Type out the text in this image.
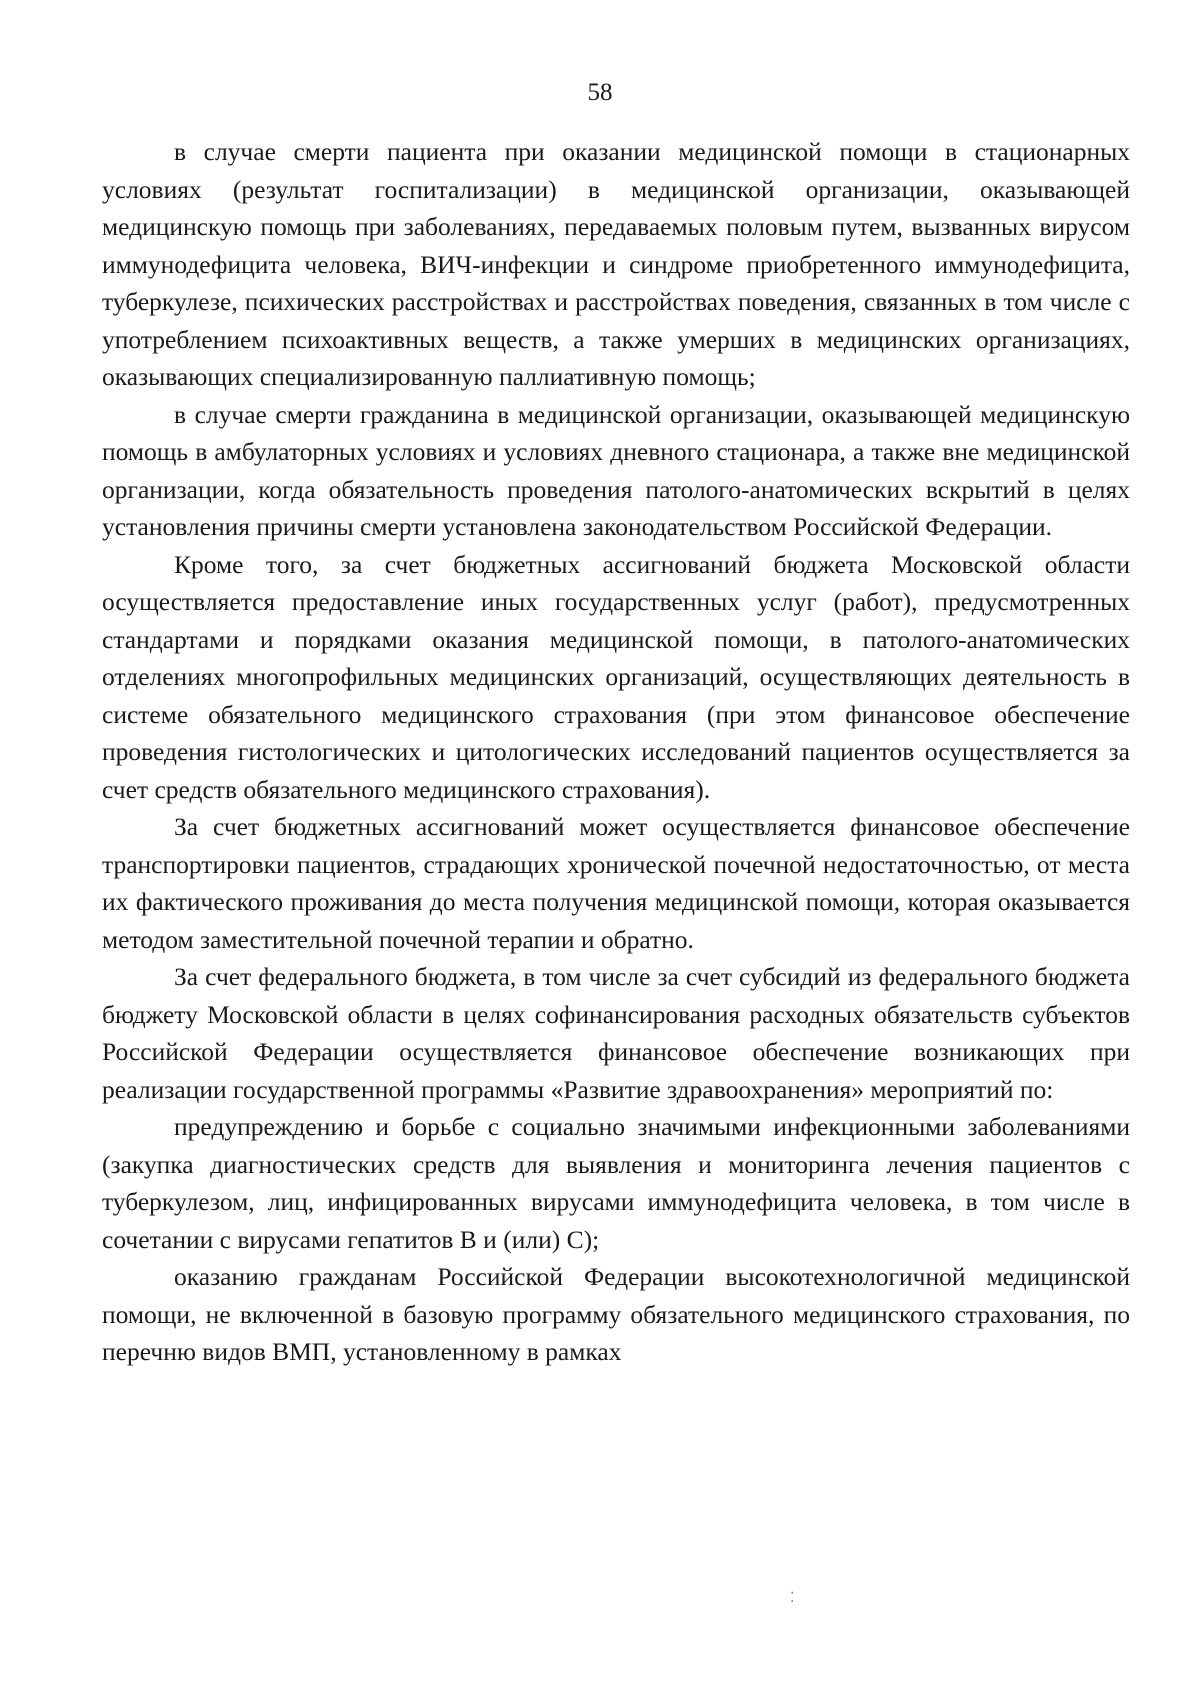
58

в случае смерти пациента при оказании медицинской помощи в стационарных условиях (результат госпитализации) в медицинской организации, оказывающей медицинскую помощь при заболеваниях, передаваемых половым путем, вызванных вирусом иммунодефицита человека, ВИЧ-инфекции и синдроме приобретенного иммунодефицита, туберкулезе, психических расстройствах и расстройствах поведения, связанных в том числе с употреблением психоактивных веществ, а также умерших в медицинских организациях, оказывающих специализированную паллиативную помощь;

в случае смерти гражданина в медицинской организации, оказывающей медицинскую помощь в амбулаторных условиях и условиях дневного стационара, а также вне медицинской организации, когда обязательность проведения патолого-анатомических вскрытий в целях установления причины смерти установлена законодательством Российской Федерации.

Кроме того, за счет бюджетных ассигнований бюджета Московской области осуществляется предоставление иных государственных услуг (работ), предусмотренных стандартами и порядками оказания медицинской помощи, в патолого-анатомических отделениях многопрофильных медицинских организаций, осуществляющих деятельность в системе обязательного медицинского страхования (при этом финансовое обеспечение проведения гистологических и цитологических исследований пациентов осуществляется за счет средств обязательного медицинского страхования).

За счет бюджетных ассигнований может осуществляется финансовое обеспечение транспортировки пациентов, страдающих хронической почечной недостаточностью, от места их фактического проживания до места получения медицинской помощи, которая оказывается методом заместительной почечной терапии и обратно.

За счет федерального бюджета, в том числе за счет субсидий из федерального бюджета бюджету Московской области в целях софинансирования расходных обязательств субъектов Российской Федерации осуществляется финансовое обеспечение возникающих при реализации государственной программы «Развитие здравоохранения» мероприятий по:

предупреждению и борьбе с социально значимыми инфекционными заболеваниями (закупка диагностических средств для выявления и мониторинга лечения пациентов с туберкулезом, лиц, инфицированных вирусами иммунодефицита человека, в том числе в сочетании с вирусами гепатитов В и (или) С);

оказанию гражданам Российской Федерации высокотехнологичной медицинской помощи, не включенной в базовую программу обязательного медицинского страхования, по перечню видов ВМП, установленному в рамках

⁚
